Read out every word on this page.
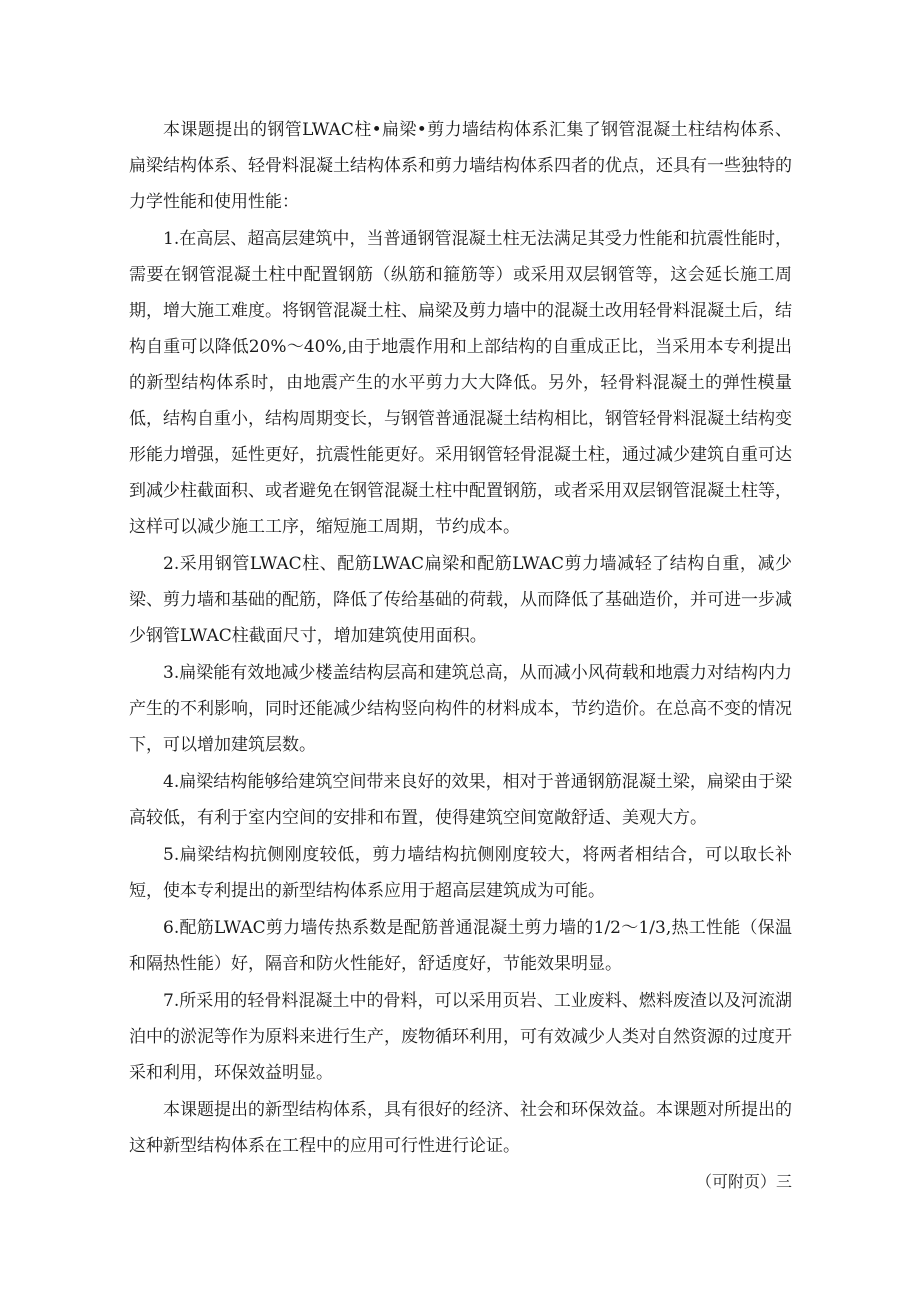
本课题提出的钢管LWAC柱•扁梁•剪力墙结构体系汇集了钢管混凝土柱结构体系、扁梁结构体系、轻骨料混凝土结构体系和剪力墙结构体系四者的优点，还具有一些独特的力学性能和使用性能：

1.在高层、超高层建筑中，当普通钢管混凝土柱无法满足其受力性能和抗震性能时，需要在钢管混凝土柱中配置钢筋（纵筋和箍筋等）或采用双层钢管等，这会延长施工周期，增大施工难度。将钢管混凝土柱、扁梁及剪力墙中的混凝土改用轻骨料混凝土后，结构自重可以降低20%〜40%,由于地震作用和上部结构的自重成正比，当采用本专利提出的新型结构体系时，由地震产生的水平剪力大大降低。另外，轻骨料混凝土的弹性模量低，结构自重小，结构周期变长，与钢管普通混凝土结构相比，钢管轻骨料混凝土结构变形能力增强，延性更好，抗震性能更好。采用钢管轻骨混凝土柱，通过减少建筑自重可达到减少柱截面积、或者避免在钢管混凝土柱中配置钢筋，或者采用双层钢管混凝土柱等，这样可以减少施工工序，缩短施工周期，节约成本。

2.采用钢管LWAC柱、配筋LWAC扁梁和配筋LWAC剪力墙减轻了结构自重，减少梁、剪力墙和基础的配筋，降低了传给基础的荷载，从而降低了基础造价，并可进一步减少钢管LWAC柱截面尺寸，增加建筑使用面积。

3.扁梁能有效地减少楼盖结构层高和建筑总高，从而减小风荷载和地震力对结构内力产生的不利影响，同时还能减少结构竖向构件的材料成本，节约造价。在总高不变的情况下，可以增加建筑层数。

4.扁梁结构能够给建筑空间带来良好的效果，相对于普通钢筋混凝土梁，扁梁由于梁高较低，有利于室内空间的安排和布置，使得建筑空间宽敞舒适、美观大方。

5.扁梁结构抗侧刚度较低，剪力墙结构抗侧刚度较大，将两者相结合，可以取长补短，使本专利提出的新型结构体系应用于超高层建筑成为可能。

6.配筋LWAC剪力墙传热系数是配筋普通混凝土剪力墙的1/2〜1/3,热工性能（保温和隔热性能）好，隔音和防火性能好，舒适度好，节能效果明显。

7.所采用的轻骨料混凝土中的骨料，可以采用页岩、工业废料、燃料废渣以及河流湖泊中的淤泥等作为原料来进行生产，废物循环利用，可有效减少人类对自然资源的过度开采和利用，环保效益明显。

本课题提出的新型结构体系，具有很好的经济、社会和环保效益。本课题对所提出的这种新型结构体系在工程中的应用可行性进行论证。

（可附页）三
